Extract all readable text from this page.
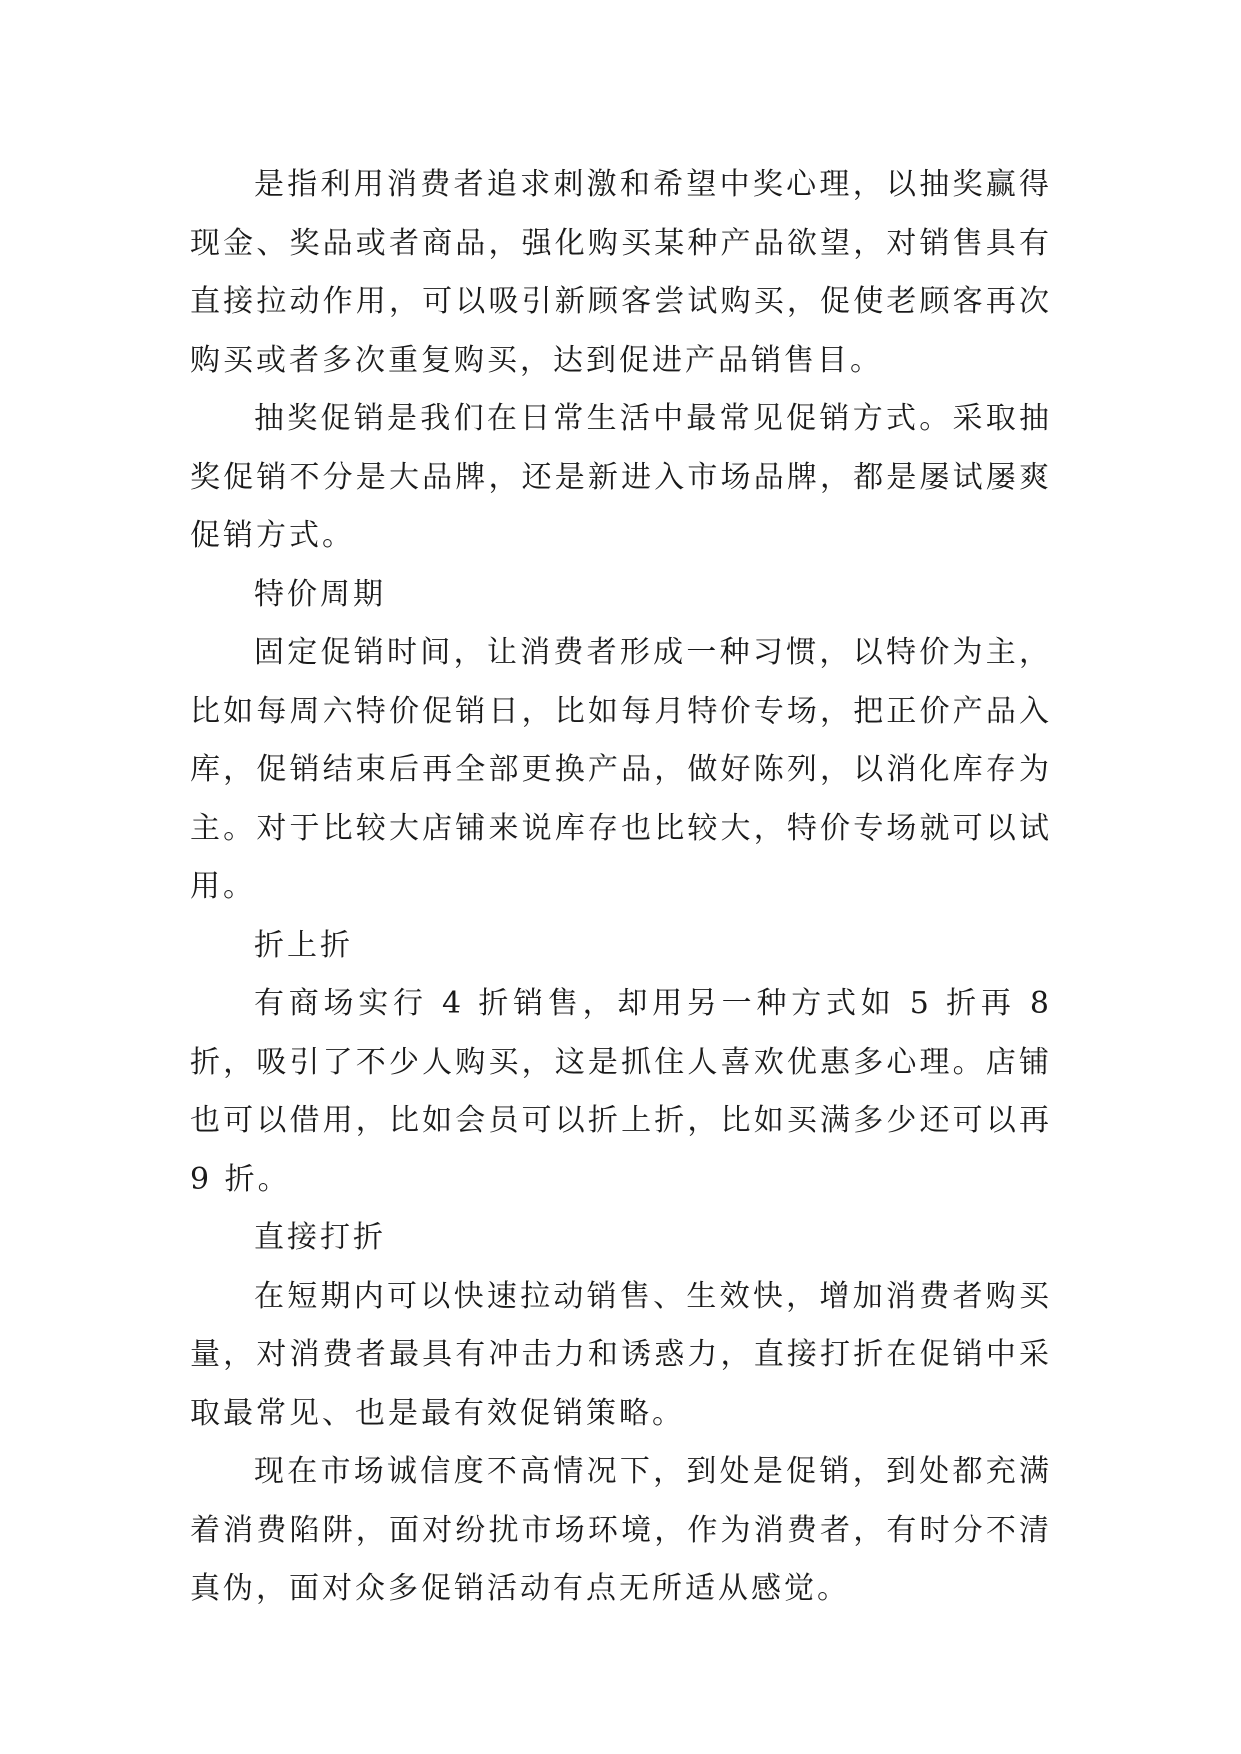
是指利用消费者追求刺激和希望中奖心理，以抽奖赢得现金、奖品或者商品，强化购买某种产品欲望，对销售具有直接拉动作用，可以吸引新顾客尝试购买，促使老顾客再次购买或者多次重复购买，达到促进产品销售目。

抽奖促销是我们在日常生活中最常见促销方式。采取抽奖促销不分是大品牌，还是新进入市场品牌，都是屡试屡爽促销方式。

特价周期

固定促销时间，让消费者形成一种习惯，以特价为主，比如每周六特价促销日，比如每月特价专场，把正价产品入库，促销结束后再全部更换产品，做好陈列，以消化库存为主。对于比较大店铺来说库存也比较大，特价专场就可以试用。

折上折

有商场实行 4 折销售，却用另一种方式如 5 折再 8 折，吸引了不少人购买，这是抓住人喜欢优惠多心理。店铺也可以借用，比如会员可以折上折，比如买满多少还可以再 9 折。

直接打折

在短期内可以快速拉动销售、生效快，增加消费者购买量，对消费者最具有冲击力和诱惑力，直接打折在促销中采取最常见、也是最有效促销策略。

现在市场诚信度不高情况下，到处是促销，到处都充满着消费陷阱，面对纷扰市场环境，作为消费者，有时分不清真伪，面对众多促销活动有点无所适从感觉。
